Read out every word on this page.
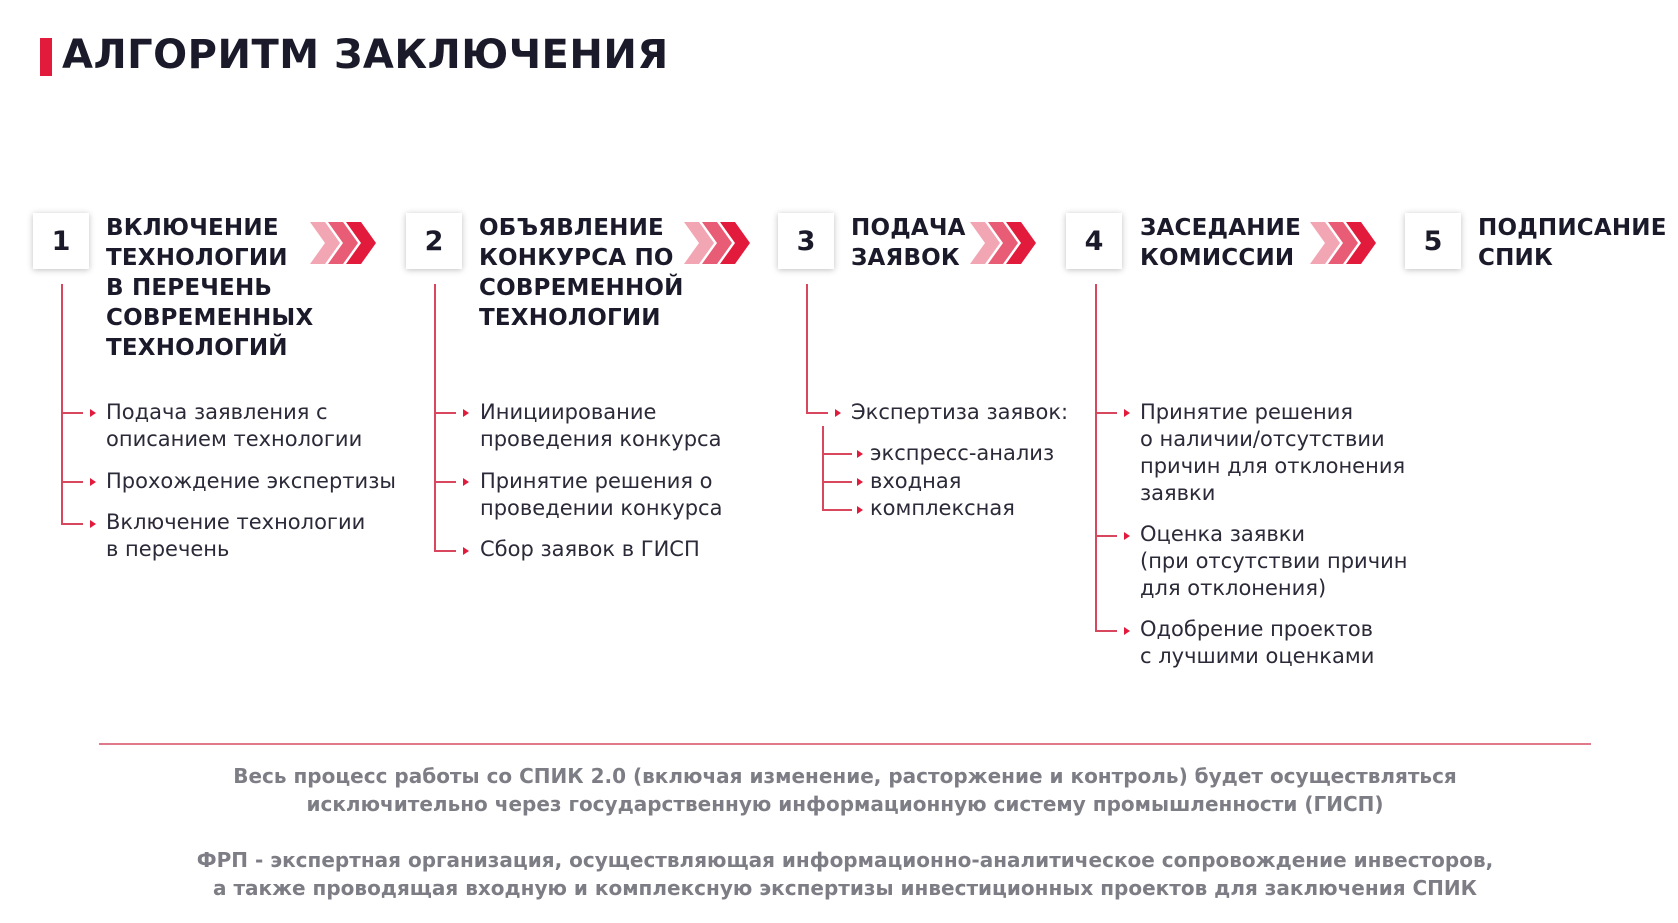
АЛГОРИТМ ЗАКЛЮЧЕНИЯ
1	ВКЛЮЧЕНИЕ
ТЕХНОЛОГИИ
В ПЕРЕЧЕНЬ
СОВРЕМЕННЫХ
ТЕХНОЛОГИЙ
2	ОБЪЯВЛЕНИЕ
КОНКУРСА ПО
СОВРЕМЕННОЙ
ТЕХНОЛОГИИ
3	ПОДАЧА
ЗАЯВОК
4	ЗАСЕДАНИЕ
КОМИССИИ
5	ПОДПИСАНИЕ
СПИК
Подача заявления с
описанием технологии
Прохождение экспертизы
Включение технологии
в перечень
Инициирование
проведения конкурса
Принятие решения о
проведении конкурса
Сбор заявок в ГИСП
Экспертиза заявок:
экспресс-анализ
входная
комплексная
Принятие решения
о наличии/отсутствии
причин для отклонения
заявки
Оценка заявки
(при отсутствии причин
для отклонения)
Одобрение проектов
с лучшими оценками
Весь процесс работы со СПИК 2.0 (включая изменение, расторжение и контроль) будет осуществляться
исключительно через государственную информационную систему промышленности (ГИСП)
ФРП - экспертная организация, осуществляющая информационно-аналитическое сопровождение инвесторов,
а также проводящая входную и комплексную экспертизы инвестиционных проектов для заключения СПИК
